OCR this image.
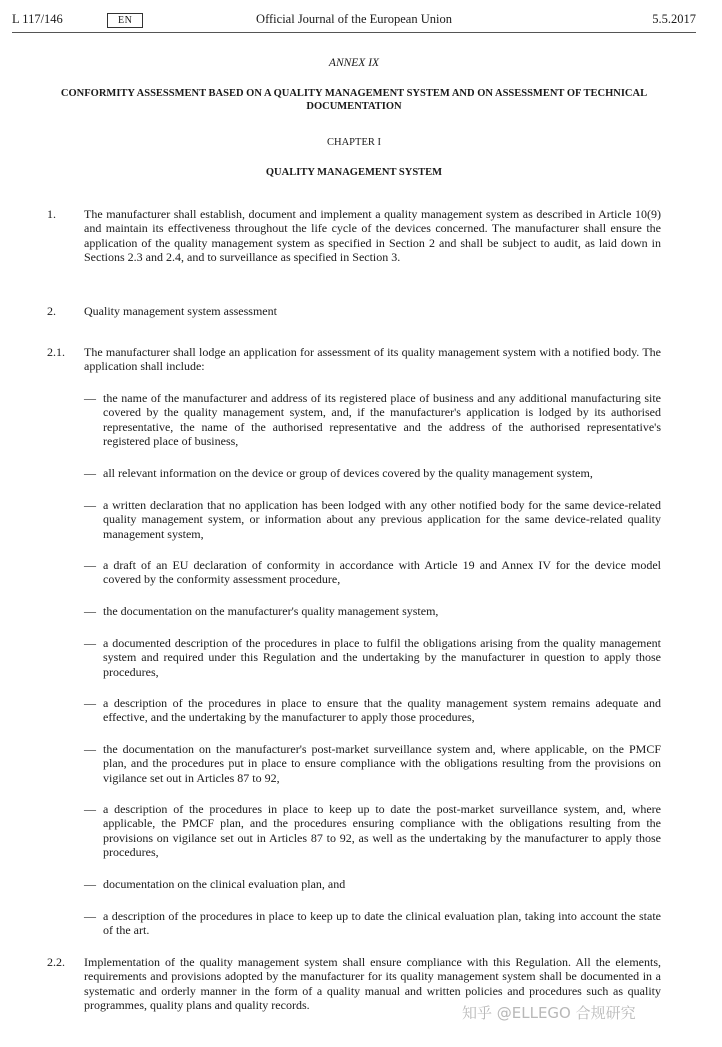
L 117/146	Official Journal of the European Union
EN	5.5.2017
ANNEX IX
CONFORMITY ASSESSMENT BASED ON A QUALITY MANAGEMENT SYSTEM AND ON ASSESSMENT OF TECHNICAL DOCUMENTATION
CHAPTER I
QUALITY MANAGEMENT SYSTEM
1. The manufacturer shall establish, document and implement a quality management system as described in Article 10(9) and maintain its effectiveness throughout the life cycle of the devices concerned. The manufacturer shall ensure the application of the quality management system as specified in Section 2 and shall be subject to audit, as laid down in Sections 2.3 and 2.4, and to surveillance as specified in Section 3.
2. Quality management system assessment
2.1. The manufacturer shall lodge an application for assessment of its quality management system with a notified body. The application shall include:
— the name of the manufacturer and address of its registered place of business and any additional manufacturing site covered by the quality management system, and, if the manufacturer's application is lodged by its authorised representative, the name of the authorised representative and the address of the authorised representative's registered place of business,
— all relevant information on the device or group of devices covered by the quality management system,
— a written declaration that no application has been lodged with any other notified body for the same device-related quality management system, or information about any previous application for the same device-related quality management system,
— a draft of an EU declaration of conformity in accordance with Article 19 and Annex IV for the device model covered by the conformity assessment procedure,
— the documentation on the manufacturer's quality management system,
— a documented description of the procedures in place to fulfil the obligations arising from the quality management system and required under this Regulation and the undertaking by the manufacturer in question to apply those procedures,
— a description of the procedures in place to ensure that the quality management system remains adequate and effective, and the undertaking by the manufacturer to apply those procedures,
— the documentation on the manufacturer's post-market surveillance system and, where applicable, on the PMCF plan, and the procedures put in place to ensure compliance with the obligations resulting from the provisions on vigilance set out in Articles 87 to 92,
— a description of the procedures in place to keep up to date the post-market surveillance system, and, where applicable, the PMCF plan, and the procedures ensuring compliance with the obligations resulting from the provisions on vigilance set out in Articles 87 to 92, as well as the undertaking by the manufacturer to apply those procedures,
— documentation on the clinical evaluation plan, and
— a description of the procedures in place to keep up to date the clinical evaluation plan, taking into account the state of the art.
2.2. Implementation of the quality management system shall ensure compliance with this Regulation. All the elements, requirements and provisions adopted by the manufacturer for its quality management system shall be documented in a systematic and orderly manner in the form of a quality manual and written policies and procedures such as quality programmes, quality plans and quality records.	知乎 @ELLEGO 合规研究
